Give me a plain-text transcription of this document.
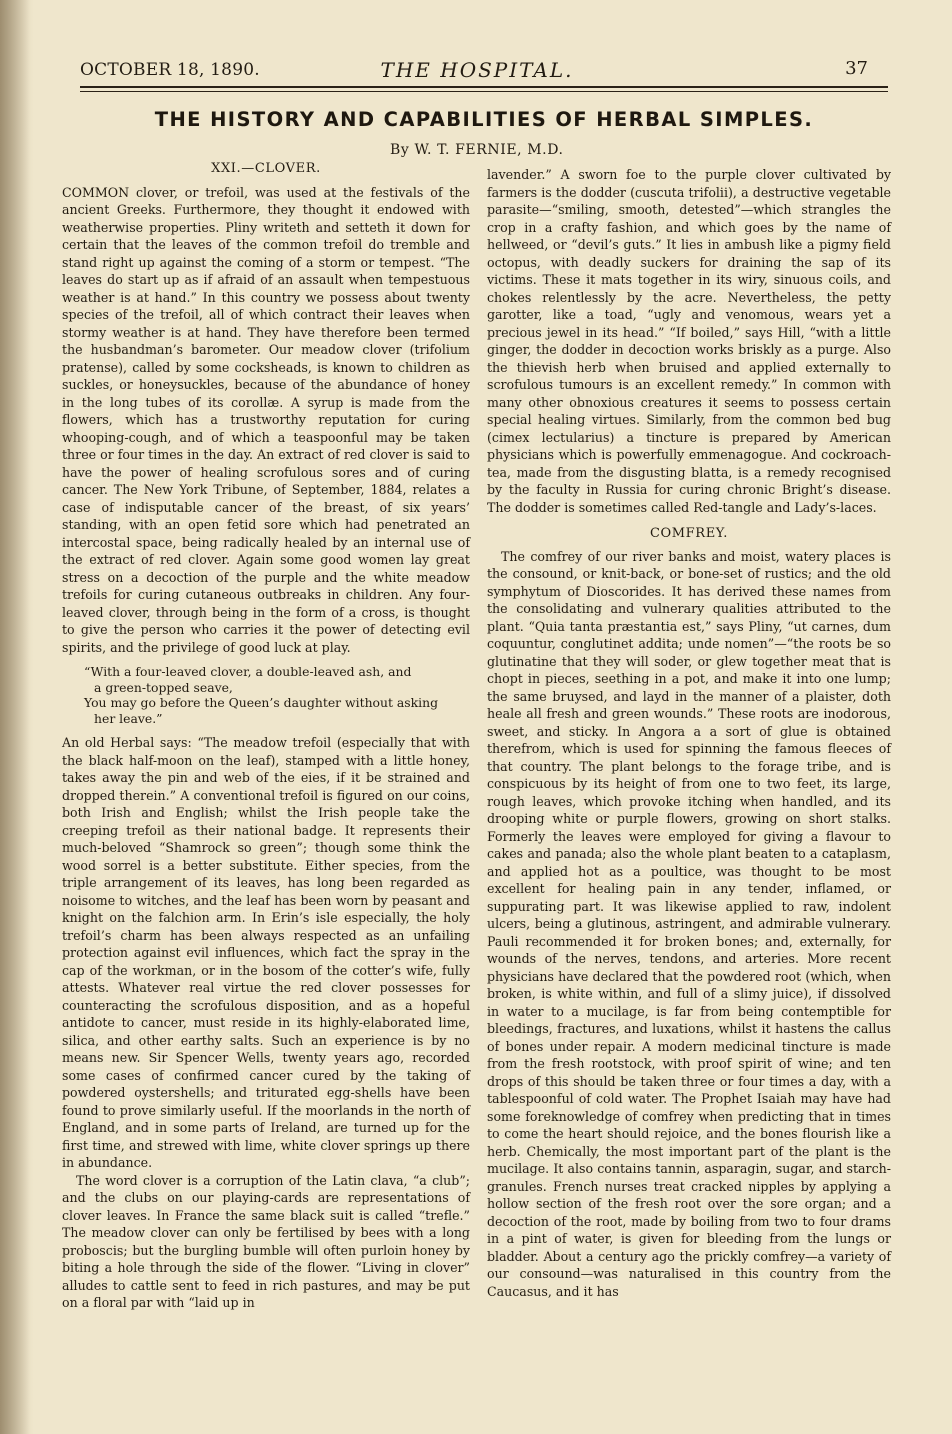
OCTOBER 18, 1890.	THE HOSPITAL.	37
THE HISTORY AND CAPABILITIES OF HERBAL SIMPLES.
By W. T. FERNIE, M.D.

XXI.—CLOVER.

COMMON clover, or trefoil, was used at the festivals of the ancient Greeks. Furthermore, they thought it endowed with weatherwise properties. Pliny writeth and setteth it down for certain that the leaves of the common trefoil do tremble and stand right up against the coming of a storm or tempest. “The leaves do start up as if afraid of an assault when tempestuous weather is at hand.” In this country we possess about twenty species of the trefoil, all of which contract their leaves when stormy weather is at hand. They have therefore been termed the husbandman’s barometer. Our meadow clover (trifolium pratense), called by some cocksheads, is known to children as suckles, or honeysuckles, because of the abundance of honey in the long tubes of its corollæ. A syrup is made from the flowers, which has a trustworthy reputation for curing whooping-cough, and of which a teaspoonful may be taken three or four times in the day. An extract of red clover is said to have the power of healing scrofulous sores and of curing cancer. The New York Tribune, of September, 1884, relates a case of indisputable cancer of the breast, of six years’ standing, with an open fetid sore which had penetrated an intercostal space, being radically healed by an internal use of the extract of red clover. Again some good women lay great stress on a decoction of the purple and the white meadow trefoils for curing cutaneous outbreaks in children. Any four-leaved clover, through being in the form of a cross, is thought to give the person who carries it the power of detecting evil spirits, and the privilege of good luck at play.

“With a four-leaved clover, a double-leaved ash, and
a green-topped seave,
You may go before the Queen’s daughter without asking
her leave.”

An old Herbal says: “The meadow trefoil (especially that with the black half-moon on the leaf), stamped with a little honey, takes away the pin and web of the eies, if it be strained and dropped therein.” A conventional trefoil is figured on our coins, both Irish and English; whilst the Irish people take the creeping trefoil as their national badge. It represents their much-beloved “Shamrock so green”; though some think the wood sorrel is a better substitute. Either species, from the triple arrangement of its leaves, has long been regarded as noisome to witches, and the leaf has been worn by peasant and knight on the falchion arm. In Erin’s isle especially, the holy trefoil’s charm has been always respected as an unfailing protection against evil influences, which fact the spray in the cap of the workman, or in the bosom of the cotter’s wife, fully attests. Whatever real virtue the red clover possesses for counteracting the scrofulous disposition, and as a hopeful antidote to cancer, must reside in its highly-elaborated lime, silica, and other earthy salts. Such an experience is by no means new. Sir Spencer Wells, twenty years ago, recorded some cases of confirmed cancer cured by the taking of powdered oystershells; and triturated egg-shells have been found to prove similarly useful. If the moorlands in the north of England, and in some parts of Ireland, are turned up for the first time, and strewed with lime, white clover springs up there in abundance.

The word clover is a corruption of the Latin clava, “a club”; and the clubs on our playing-cards are representations of clover leaves. In France the same black suit is called “trefle.” The meadow clover can only be fertilised by bees with a long proboscis; but the burgling bumble will often purloin honey by biting a hole through the side of the flower. “Living in clover” alludes to cattle sent to feed in rich pastures, and may be put on a floral par with “laid up in

lavender.” A sworn foe to the purple clover cultivated by farmers is the dodder (cuscuta trifolii), a destructive vegetable parasite—“smiling, smooth, detested”—which strangles the crop in a crafty fashion, and which goes by the name of hellweed, or “devil’s guts.” It lies in ambush like a pigmy field octopus, with deadly suckers for draining the sap of its victims. These it mats together in its wiry, sinuous coils, and chokes relentlessly by the acre. Nevertheless, the petty garotter, like a toad, “ugly and venomous, wears yet a precious jewel in its head.” “If boiled,” says Hill, “with a little ginger, the dodder in decoction works briskly as a purge. Also the thievish herb when bruised and applied externally to scrofulous tumours is an excellent remedy.” In common with many other obnoxious creatures it seems to possess certain special healing virtues. Similarly, from the common bed bug (cimex lectularius) a tincture is prepared by American physicians which is powerfully emmenagogue. And cockroach-tea, made from the disgusting blatta, is a remedy recognised by the faculty in Russia for curing chronic Bright’s disease. The dodder is sometimes called Red-tangle and Lady’s-laces.

COMFREY.

The comfrey of our river banks and moist, watery places is the consound, or knit-back, or bone-set of rustics; and the old symphytum of Dioscorides. It has derived these names from the consolidating and vulnerary qualities attributed to the plant. “Quia tanta præstantia est,” says Pliny, “ut carnes, dum coquuntur, conglutinet addita; unde nomen”—“the roots be so glutinatine that they will soder, or glew together meat that is chopt in pieces, seething in a pot, and make it into one lump; the same bruysed, and layd in the manner of a plaister, doth heale all fresh and green wounds.” These roots are inodorous, sweet, and sticky. In Angora a a sort of glue is obtained therefrom, which is used for spinning the famous fleeces of that country. The plant belongs to the forage tribe, and is conspicuous by its height of from one to two feet, its large, rough leaves, which provoke itching when handled, and its drooping white or purple flowers, growing on short stalks. Formerly the leaves were employed for giving a flavour to cakes and panada; also the whole plant beaten to a cataplasm, and applied hot as a poultice, was thought to be most excellent for healing pain in any tender, inflamed, or suppurating part. It was likewise applied to raw, indolent ulcers, being a glutinous, astringent, and admirable vulnerary. Pauli recommended it for broken bones; and, externally, for wounds of the nerves, tendons, and arteries. More recent physicians have declared that the powdered root (which, when broken, is white within, and full of a slimy juice), if dissolved in water to a mucilage, is far from being contemptible for bleedings, fractures, and luxations, whilst it hastens the callus of bones under repair. A modern medicinal tincture is made from the fresh rootstock, with proof spirit of wine; and ten drops of this should be taken three or four times a day, with a tablespoonful of cold water. The Prophet Isaiah may have had some foreknowledge of comfrey when predicting that in times to come the heart should rejoice, and the bones flourish like a herb. Chemically, the most important part of the plant is the mucilage. It also contains tannin, asparagin, sugar, and starch-granules. French nurses treat cracked nipples by applying a hollow section of the fresh root over the sore organ; and a decoction of the root, made by boiling from two to four drams in a pint of water, is given for bleeding from the lungs or bladder. About a century ago the prickly comfrey—a variety of our consound—was naturalised in this country from the Caucasus, and it has
